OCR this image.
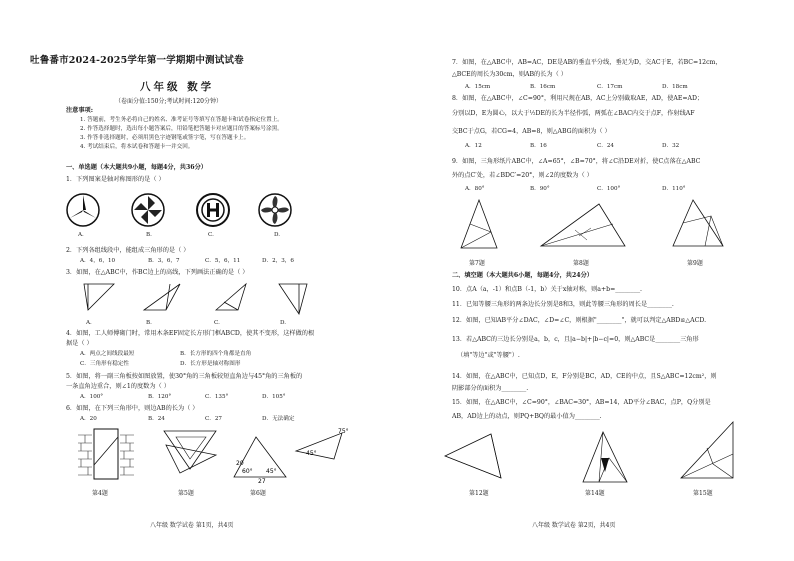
吐鲁番市2024-2025学年第一学期期中测试试卷
八年级 数学
（卷面分值:150分;考试时间:120分钟）
注意事项:
1. 答题前，考生务必将自己的姓名、准考证号等填写在答题卡和试卷指定位置上。
2. 作答选择题时，选出每小题答案后，用铅笔把答题卡对应题目的答案标号涂黑。
3. 作答非选择题时，必须用黑色字迹钢笔或签字笔，写在答题卡上。
4. 考试结束后，将本试卷和答题卡一并交回。
一、单选题（本大题共9小题，每题4分，共36分）
1．下列图案是轴对称图形的是（ ）
A.	B.	C.	D.
2．下列各组线段中，能组成三角形的是（ ）
A．4，6，10	B．3，6，7	C．5，6，11	D．2，3，6
3．如图，在△ABC中，作BC边上的高线，下列画法正确的是（ ）
A.	B.	C.	D.
4．如图，工人师傅砌门时，常用木条EF固定长方形门框ABCD，使其不变形，这样做的根
据是（ ）
A．两点之间线段最短	B．长方形的四个角都是直角
C．三角形有稳定性	D．长方形是轴对称图形
5．如图，将一副三角板按如图放置，使30°角的三角板较短直角边与45°角的三角板的
一条直角边重合，则∠1的度数为（ ）
A．100°	B．120°	C．135°	D．105°
6．如图，在下列三角形中，则边AB的长为（ ）
A．20	B．24	C．27	D．无法确定
20
60° 45°
27
75°
45°
第4题	第5题	第6题
八年级 数学试卷 第1页，共4页
7．如图，在△ABC中，AB=AC，DE是AB的垂直平分线，垂足为D，交AC于E，若BC=12cm，
△BCE的周长为30cm，则AB的长为（ ）
A．15cm	B．16cm	C．17cm	D．18cm
8．如图，在△ABC中，∠C=90°，利用尺规在AB，AC上分别截取AE，AD，使AE=AD；
分别以D，E为圆心，以大于½DE的长为半径作弧，两弧在∠BAC内交于点F，作射线AF
交BC于点G，若CG=4，AB=8，则△ABG的面积为（ ）
A．12	B．16	C．24	D．32
9．如图，三角形纸片ABC中，∠A=65°，∠B=70°，将∠C沿DE对折，使C点落在△ABC
外的点C′处，若∠BDC′=20°，则∠2的度数为（ ）
A．80°	B．90°	C．100°	D．110°
第7题	第8题	第9题
二、填空题（本大题共6小题，每题4分，共24分）
10．点A（a，-1）和点B（-1，b）关于x轴对称，则a+b=________.
11．已知等腰三角形的两条边长分别是8和3，则此等腰三角形的周长是________.
12．如图，已知AB平分∠DAC，∠D=∠C，则根据"________"，就可以判定△ABD≌△ACD.
13．若△ABC的三边长分别是a，b，c，且|a−b|+|b−c|=0，则△ABC是________三角形
（填"等边"或"等腰"）.
14．如图，在△ABC中，已知点D，E，F分别是BC，AD，CE的中点，且S△ABC=12cm²，则
阴影部分的面积为________.
15．如图，在△ABC中，∠C=90°，∠BAC=30°，AB=14，AD平分∠BAC，点P，Q分别是
AB，AD边上的动点，则PQ+BQ的最小值为________.
第12题	第14题	第15题
八年级 数学试卷 第2页，共4页
